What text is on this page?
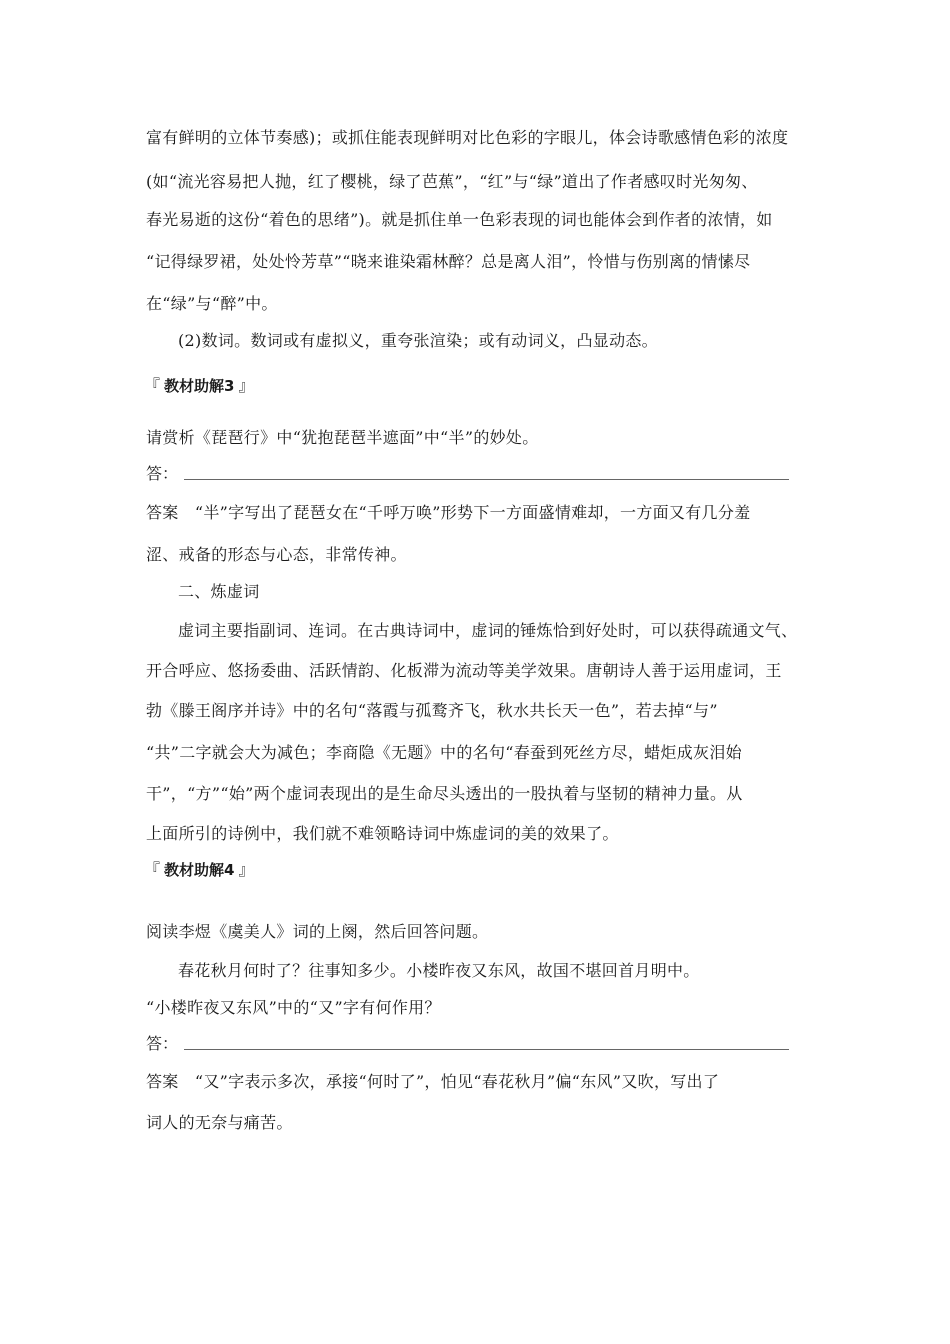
富有鲜明的立体节奏感)；或抓住能表现鲜明对比色彩的字眼儿，体会诗歌感情色彩的浓度
(如“流光容易把人抛，红了樱桃，绿了芭蕉”，“红”与“绿”道出了作者感叹时光匆匆、
春光易逝的这份“着色的思绪”)。就是抓住单一色彩表现的词也能体会到作者的浓情，如
“记得绿罗裙，处处怜芳草”“晓来谁染霜林醉？总是离人泪”，怜惜与伤别离的情愫尽
在“绿”与“醉”中。
(2)数词。数词或有虚拟义，重夸张渲染；或有动词义，凸显动态。
『 教材助解3 』
请赏析《琵琶行》中“犹抱琵琶半遮面”中“半”的妙处。
答：
答案　“半”字写出了琵琶女在“千呼万唤”形势下一方面盛情难却，一方面又有几分羞
涩、戒备的形态与心态，非常传神。
二、炼虚词
虚词主要指副词、连词。在古典诗词中，虚词的锤炼恰到好处时，可以获得疏通文气、
开合呼应、悠扬委曲、活跃情韵、化板滞为流动等美学效果。唐朝诗人善于运用虚词，王
勃《滕王阁序并诗》中的名句“落霞与孤鹜齐飞，秋水共长天一色”，若去掉“与”
“共”二字就会大为减色；李商隐《无题》中的名句“春蚕到死丝方尽，蜡炬成灰泪始
干”，“方”“始”两个虚词表现出的是生命尽头透出的一股执着与坚韧的精神力量。从
上面所引的诗例中，我们就不难领略诗词中炼虚词的美的效果了。
『 教材助解4 』
阅读李煜《虞美人》词的上阕，然后回答问题。
春花秋月何时了？往事知多少。小楼昨夜又东风，故国不堪回首月明中。
“小楼昨夜又东风”中的“又”字有何作用？
答：
答案　“又”字表示多次，承接“何时了”，怕见“春花秋月”偏“东风”又吹，写出了
词人的无奈与痛苦。
